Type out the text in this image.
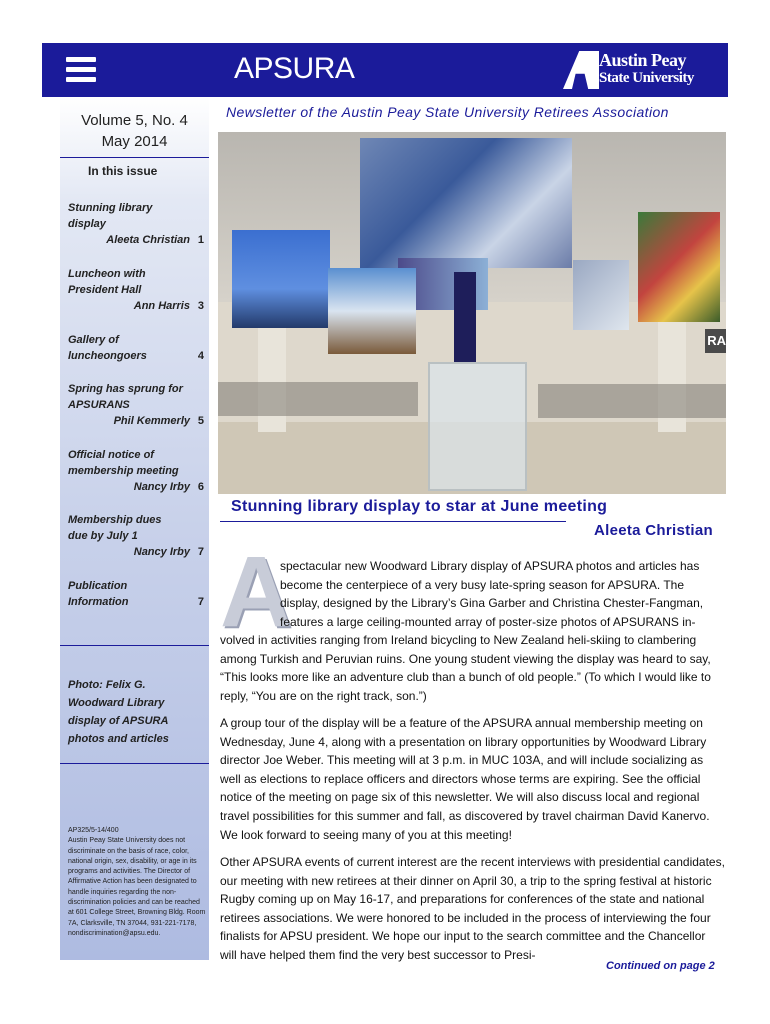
APSURA	Austin Peay
State University
Volume 5, No. 4
May 2014
In this issue
Stunning library display
Aleeta Christian 1
Luncheon with President Hall
Ann Harris 3
Gallery of luncheongoers	4
Spring has sprung for APSURANS
Phil Kemmerly 5
Official notice of membership meeting
Nancy Irby 6
Membership dues due by July 1
Nancy Irby 7
Publication Information	7
Photo: Felix G. Woodward Library display of APSURA photos and articles
AP325/5-14/400
Austin Peay State University does not discriminate on the basis of race, color, national origin, sex, disability, or age in its programs and activities. The Director of Affirmative Action has been designated to handle inquiries regarding the non-discrimination policies and can be reached at 601 College Street, Browning Bldg. Room 7A, Clarksville, TN 37044, 931-221-7178, nondiscrimination@apsu.edu.
Newsletter of the Austin Peay State University Retirees Association
RA
Stunning library display to star at June meeting
Aleeta Christian
A
spectacular new Woodward Library display of APSURA photos and articles has become the centerpiece of a very busy late-spring season for APSURA. The display, designed by the Library’s Gina Garber and Christina Chester-Fangman, features a large ceiling-mounted array of poster-size photos of APSURANS in-
volved in activities ranging from Ireland bicycling to New Zealand heli-skiing to clambering among Turkish and Peruvian ruins. One young student viewing the display was heard to say, “This looks more like an adventure club than a bunch of old people.” (To which I would like to reply, “You are on the right track, son.”)
A group tour of the display will be a feature of the APSURA annual membership meeting on Wednesday, June 4, along with a presentation on library opportunities by Woodward Library director Joe Weber. This meeting will at 3 p.m. in MUC 103A, and will include socializing as well as elections to replace officers and directors whose terms are expiring. See the official notice of the meeting on page six of this newsletter. We will also discuss local and regional travel possibilities for this summer and fall, as discovered by travel chairman David Kanervo. We look forward to seeing many of you at this meeting!
Other APSURA events of current interest are the recent interviews with presidential candidates, our meeting with new retirees at their dinner on April 30, a trip to the spring festival at historic Rugby coming up on May 16-17, and preparations for conferences of the state and national retirees associations. We were honored to be included in the process of interviewing the four finalists for APSU president. We hope our input to the search committee and the Chancellor will have helped them find the very best successor to Presi-
Continued on page 2
